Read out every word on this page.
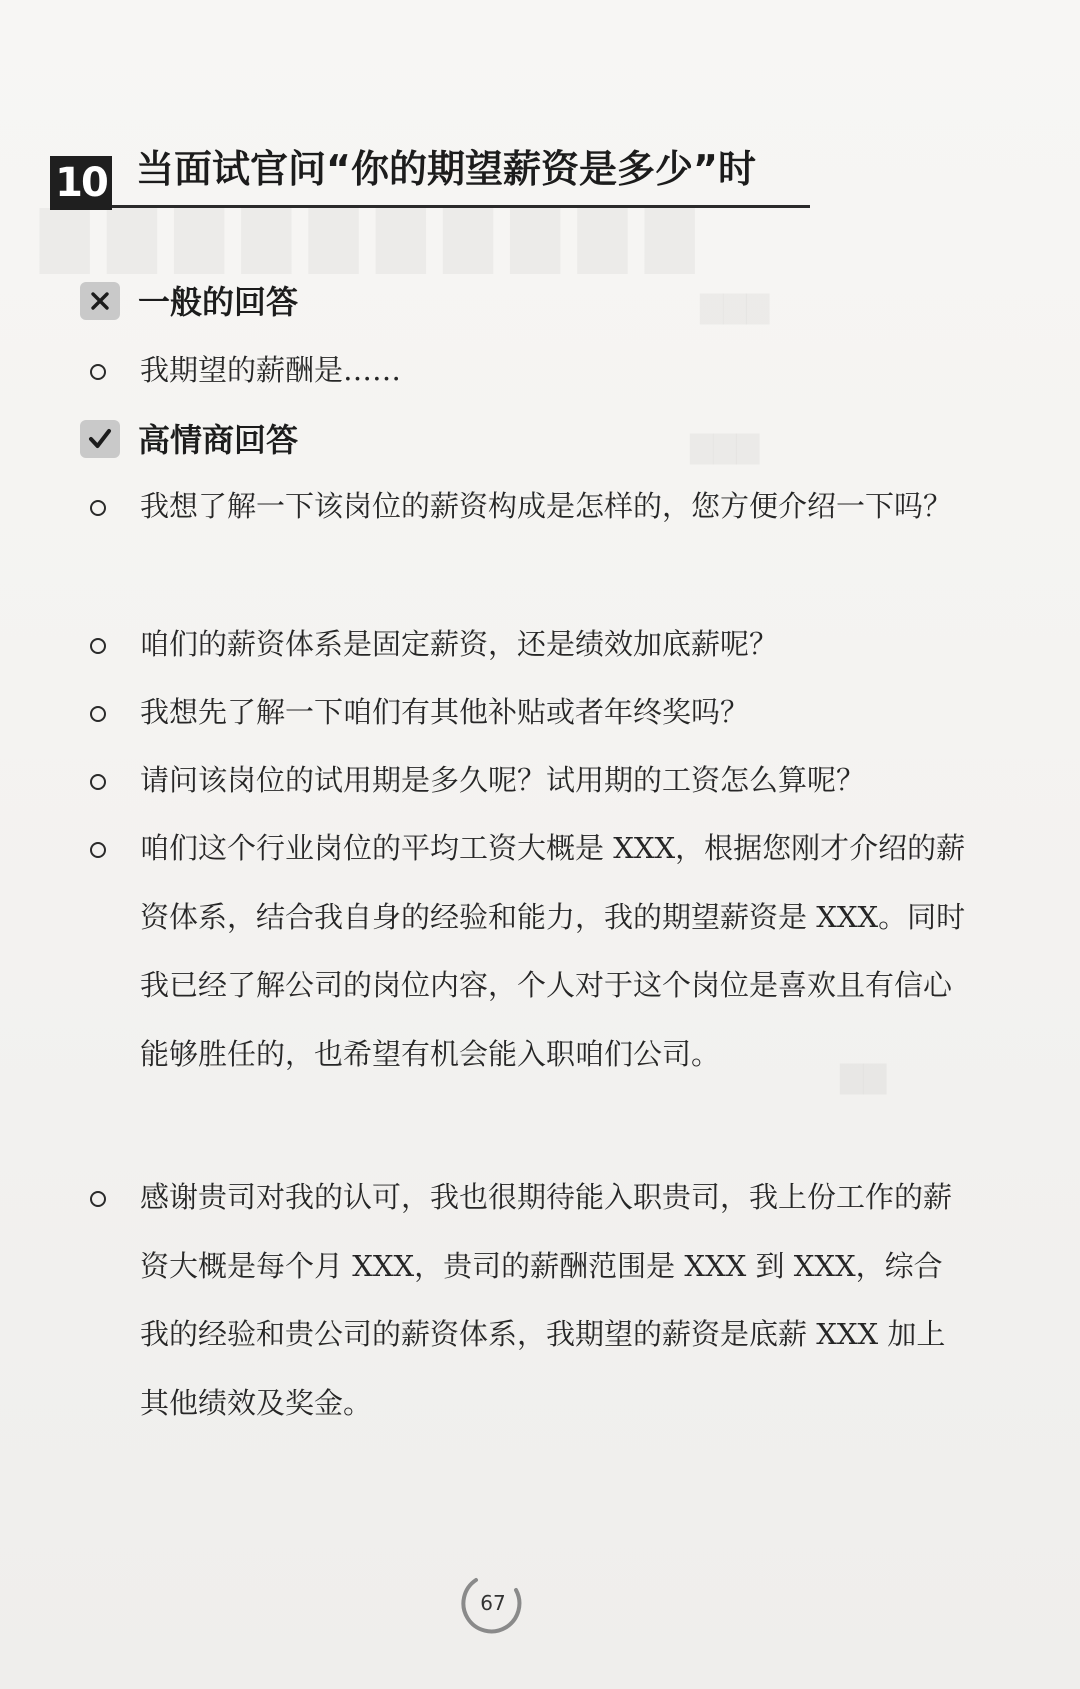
▇▇▇▇▇▇▇▇▇▇
▇▇▇
▇▇▇
▇▇
10 当面试官问“你的期望薪资是多少”时
一般的回答
我期望的薪酬是……
高情商回答
我想了解一下该岗位的薪资构成是怎样的，您方便介绍一下吗？
咱们的薪资体系是固定薪资，还是绩效加底薪呢？
我想先了解一下咱们有其他补贴或者年终奖吗？
请问该岗位的试用期是多久呢？试用期的工资怎么算呢？
咱们这个行业岗位的平均工资大概是 XXX，根据您刚才介绍的薪资体系，结合我自身的经验和能力，我的期望薪资是 XXX。同时我已经了解公司的岗位内容，个人对于这个岗位是喜欢且有信心能够胜任的，也希望有机会能入职咱们公司。
感谢贵司对我的认可，我也很期待能入职贵司，我上份工作的薪资大概是每个月 XXX，贵司的薪酬范围是 XXX 到 XXX，综合我的经验和贵公司的薪资体系，我期望的薪资是底薪 XXX 加上其他绩效及奖金。
67
